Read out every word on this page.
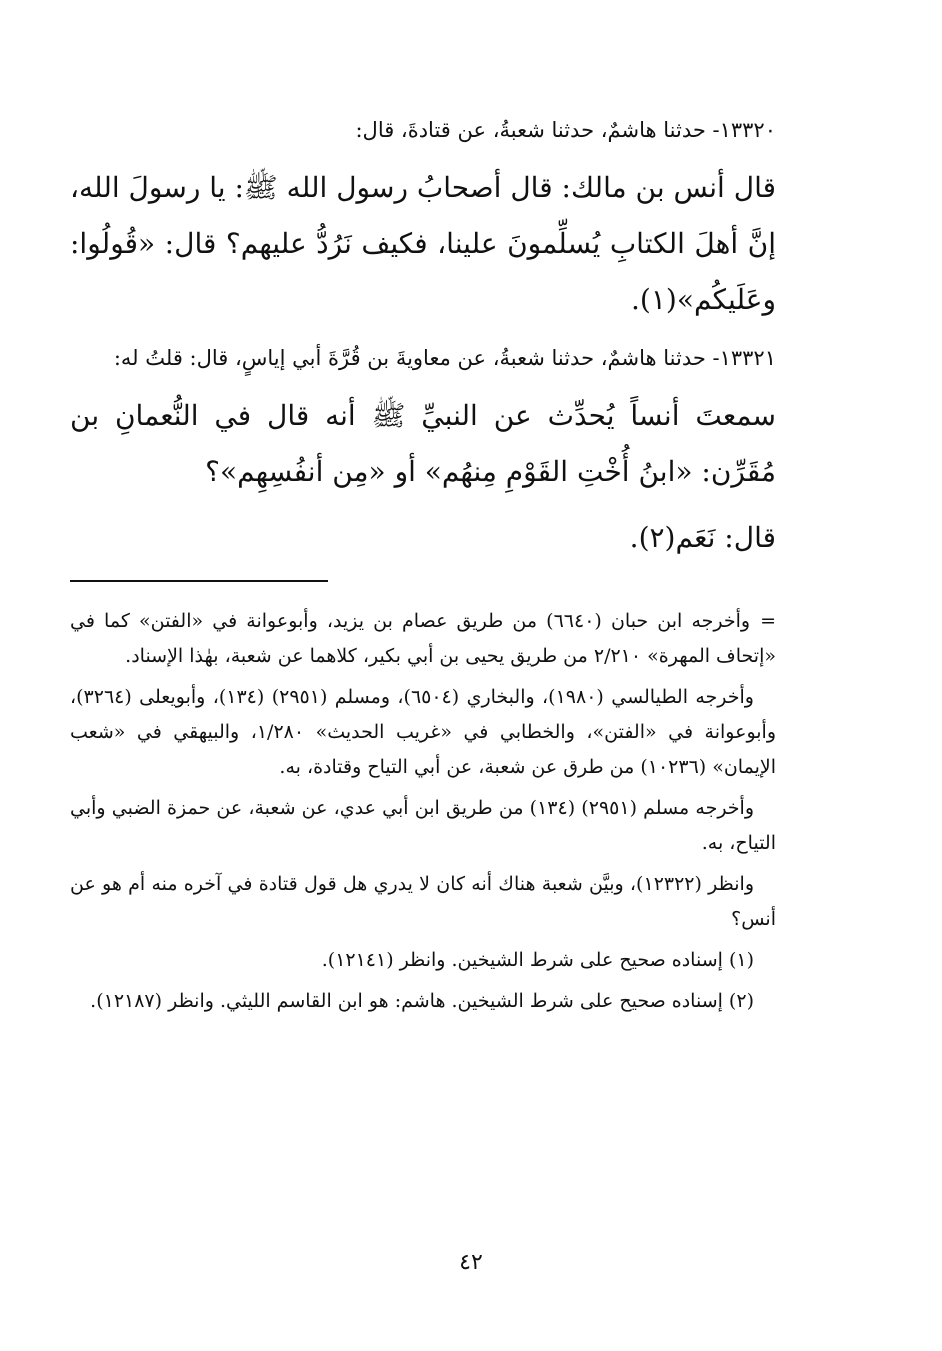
١٣٣٢٠- حدثنا هاشمٌ، حدثنا شعبةُ، عن قتادةَ، قال:

قال أنس بن مالك: قال أصحابُ رسول الله ﷺ: يا رسولَ الله، إنَّ أهلَ الكتابِ يُسلِّمونَ علينا، فكيف نَرُدُّ عليهم؟ قال: «قُولُوا: وعَلَيكُم»(١).

١٣٣٢١- حدثنا هاشمٌ، حدثنا شعبةُ، عن معاويةَ بن قُرَّةَ أبي إياسٍ، قال: قلتُ له:

سمعتَ أنساً يُحدِّث عن النبيِّ ﷺ أنه قال في النُّعمانِ بن مُقَرِّن: «ابنُ أُخْتِ القَوْمِ مِنهُم» أو «مِن أنفُسِهِم»؟

قال: نَعَم(٢).

=وأخرجه ابن حبان (٦٦٤٠) من طريق عصام بن يزيد، وأبوعوانة في «الفتن» كما في «إتحاف المهرة» ٢/٢١٠ من طريق يحيى بن أبي بكير، كلاهما عن شعبة، بهٰذا الإسناد.

وأخرجه الطيالسي (١٩٨٠)، والبخاري (٦٥٠٤)، ومسلم (٢٩٥١) (١٣٤)، وأبويعلى (٣٢٦٤)، وأبوعوانة في «الفتن»، والخطابي في «غريب الحديث» ١/٢٨٠، والبيهقي في «شعب الإيمان» (١٠٢٣٦) من طرق عن شعبة، عن أبي التياح وقتادة، به.

وأخرجه مسلم (٢٩٥١) (١٣٤) من طريق ابن أبي عدي، عن شعبة، عن حمزة الضبي وأبي التياح، به.

وانظر (١٢٣٢٢)، وبيَّن شعبة هناك أنه كان لا يدري هل قول قتادة في آخره منه أم هو عن أنس؟

(١) إسناده صحيح على شرط الشيخين. وانظر (١٢١٤١).

(٢) إسناده صحيح على شرط الشيخين. هاشم: هو ابن القاسم الليثي. وانظر (١٢١٨٧).

٤٢
